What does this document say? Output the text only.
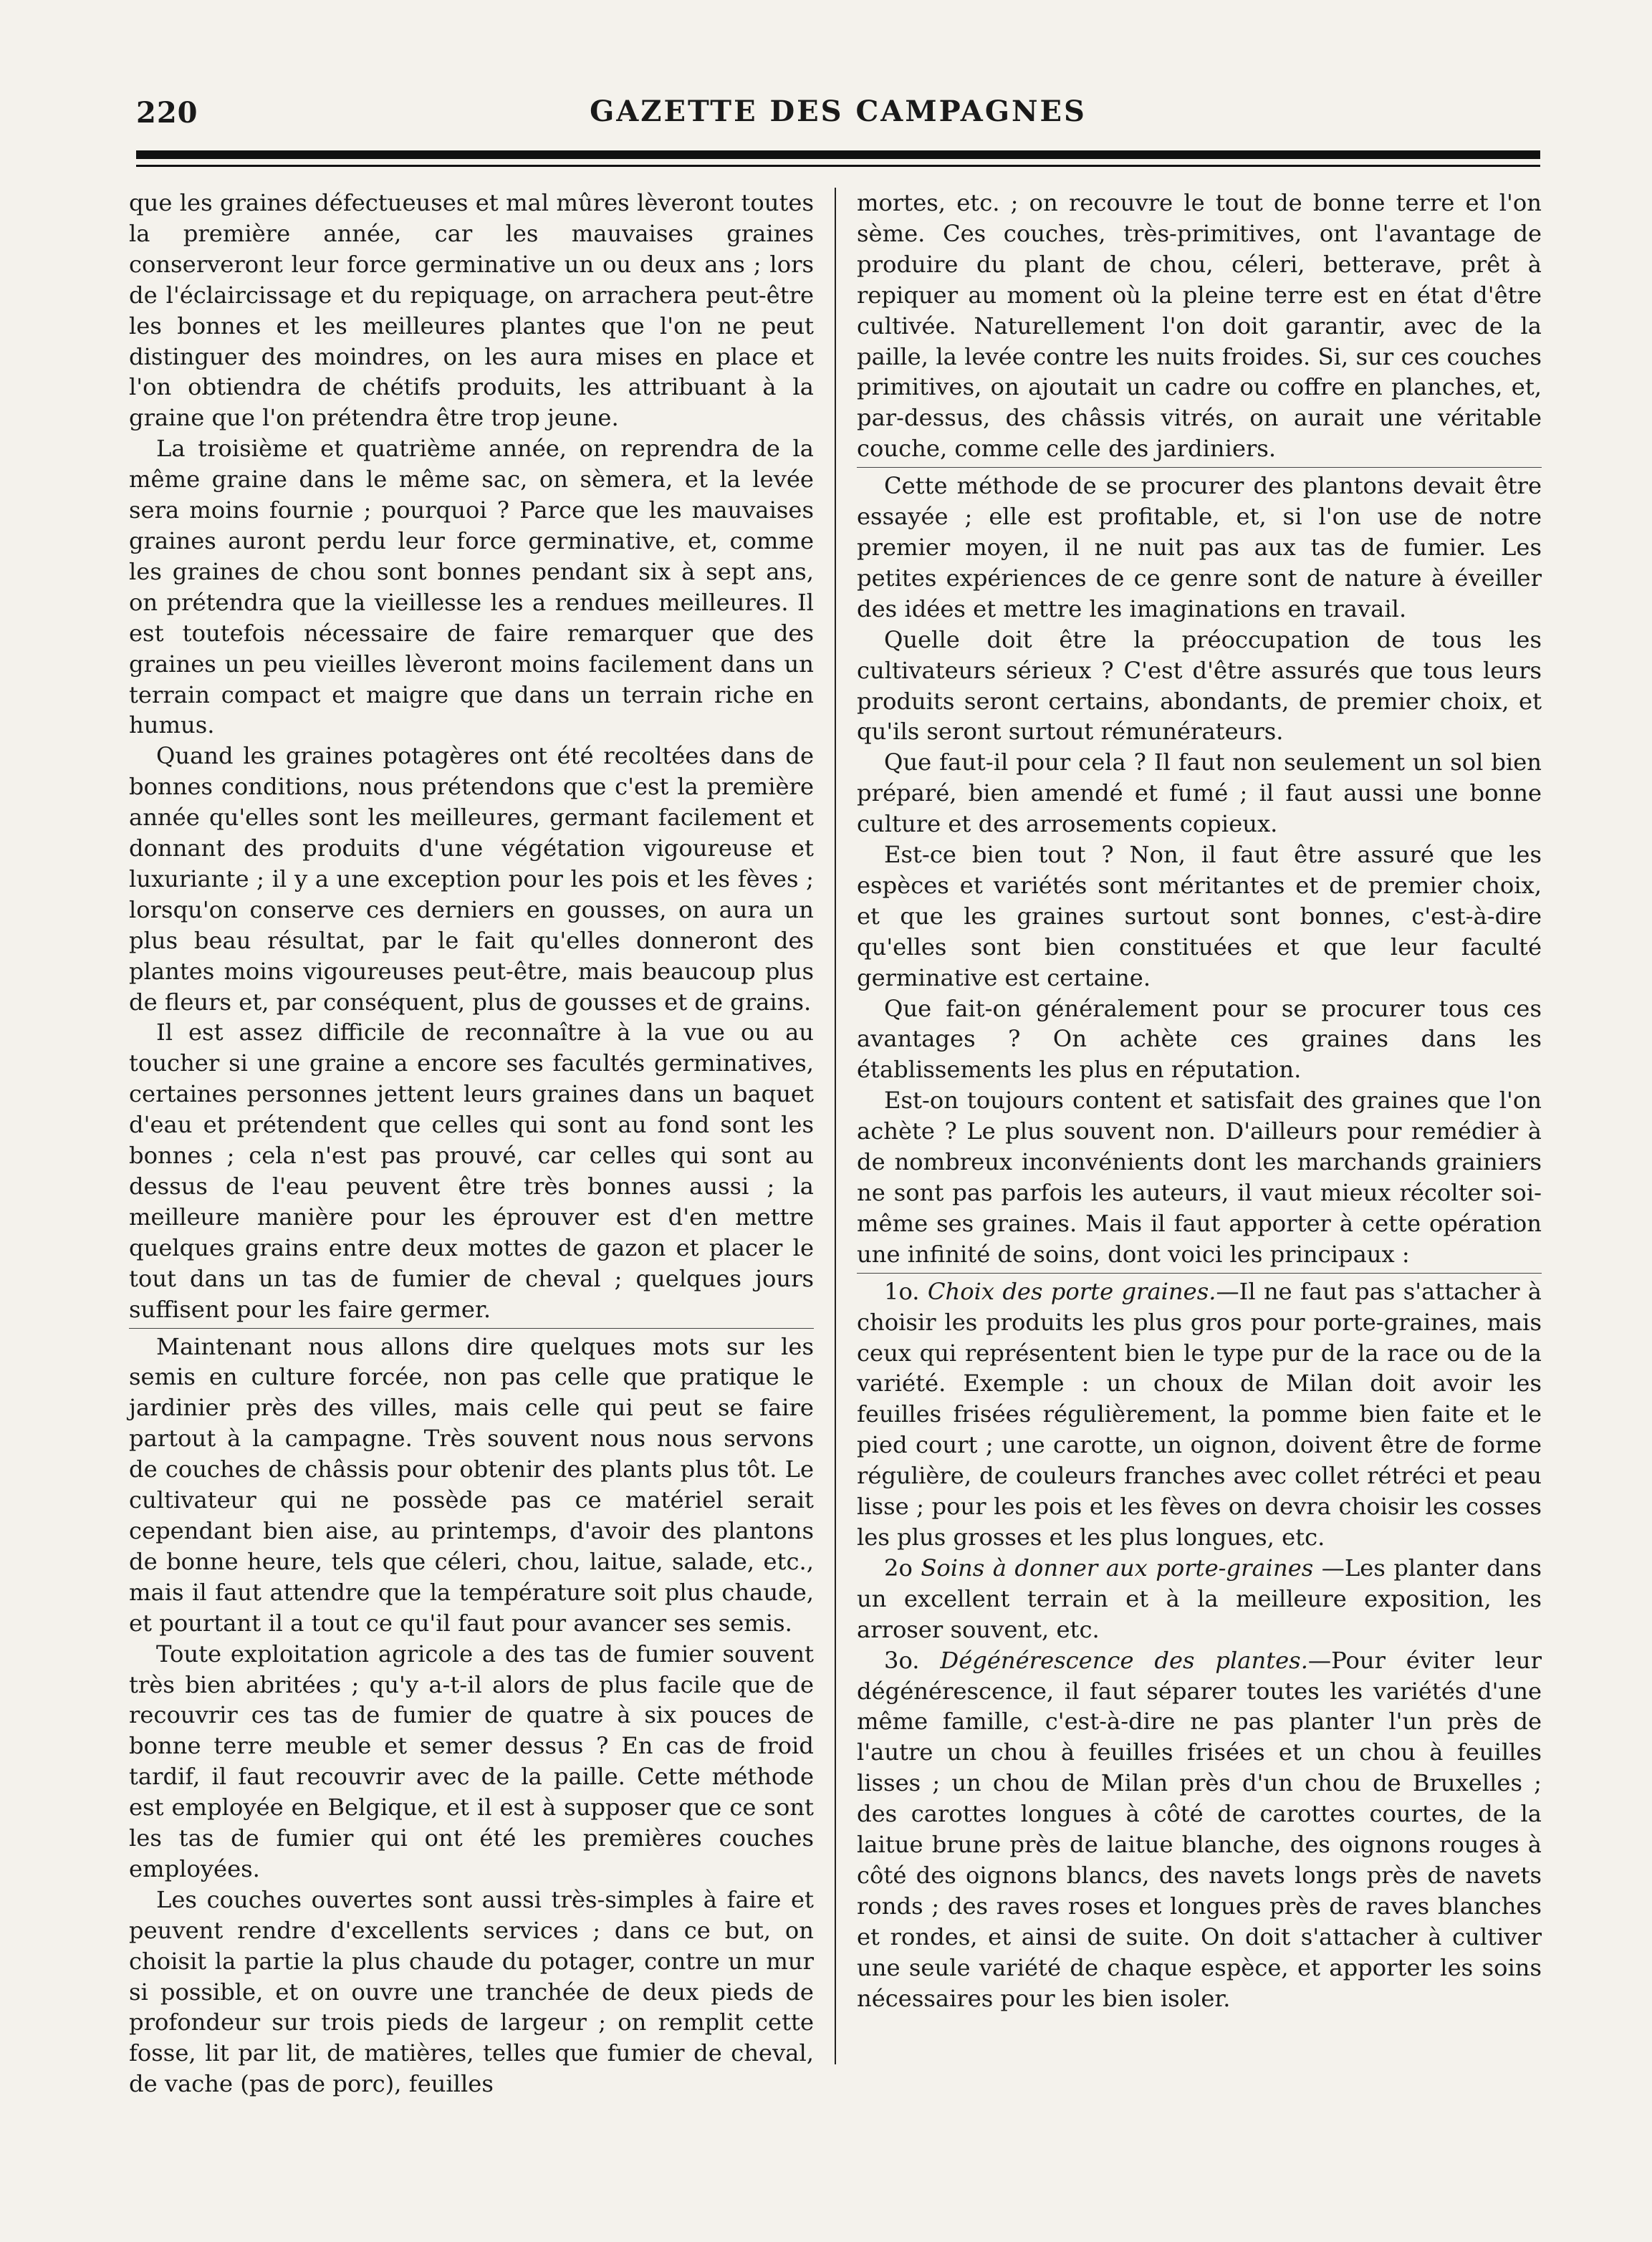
220	GAZETTE DES CAMPAGNES

que les graines défectueuses et mal mûres lèveront toutes la première année, car les mauvaises graines conserveront leur force germinative un ou deux ans ; lors de l'éclaircissage et du repiquage, on arrachera peut-être les bonnes et les meilleures plantes que l'on ne peut distinguer des moindres, on les aura mises en place et l'on obtiendra de chétifs produits, les attribuant à la graine que l'on prétendra être trop jeune.

La troisième et quatrième année, on reprendra de la même graine dans le même sac, on sèmera, et la levée sera moins fournie ; pourquoi ? Parce que les mauvaises graines auront perdu leur force germinative, et, comme les graines de chou sont bonnes pendant six à sept ans, on prétendra que la vieillesse les a rendues meilleures. Il est toutefois nécessaire de faire remarquer que des graines un peu vieilles lèveront moins facilement dans un terrain compact et maigre que dans un terrain riche en humus.

Quand les graines potagères ont été recoltées dans de bonnes conditions, nous prétendons que c'est la première année qu'elles sont les meilleures, germant facilement et donnant des produits d'une végétation vigoureuse et luxuriante ; il y a une exception pour les pois et les fèves ; lorsqu'on conserve ces derniers en gousses, on aura un plus beau résultat, par le fait qu'elles donneront des plantes moins vigoureuses peut-être, mais beaucoup plus de fleurs et, par conséquent, plus de gousses et de grains.

Il est assez difficile de reconnaître à la vue ou au toucher si une graine a encore ses facultés germinatives, certaines personnes jettent leurs graines dans un baquet d'eau et prétendent que celles qui sont au fond sont les bonnes ; cela n'est pas prouvé, car celles qui sont au dessus de l'eau peuvent être très bonnes aussi ; la meilleure manière pour les éprouver est d'en mettre quelques grains entre deux mottes de gazon et placer le tout dans un tas de fumier de cheval ; quelques jours suffisent pour les faire germer.

Maintenant nous allons dire quelques mots sur les semis en culture forcée, non pas celle que pratique le jardinier près des villes, mais celle qui peut se faire partout à la campagne. Très souvent nous nous servons de couches de châssis pour obtenir des plants plus tôt. Le cultivateur qui ne possède pas ce matériel serait cependant bien aise, au printemps, d'avoir des plantons de bonne heure, tels que céleri, chou, laitue, salade, etc., mais il faut attendre que la température soit plus chaude, et pourtant il a tout ce qu'il faut pour avancer ses semis.

Toute exploitation agricole a des tas de fumier souvent très bien abritées ; qu'y a-t-il alors de plus facile que de recouvrir ces tas de fumier de quatre à six pouces de bonne terre meuble et semer dessus ? En cas de froid tardif, il faut recouvrir avec de la paille. Cette méthode est employée en Belgique, et il est à supposer que ce sont les tas de fumier qui ont été les premières couches employées.

Les couches ouvertes sont aussi très-simples à faire et peuvent rendre d'excellents services ; dans ce but, on choisit la partie la plus chaude du potager, contre un mur si possible, et on ouvre une tranchée de deux pieds de profondeur sur trois pieds de largeur ; on remplit cette fosse, lit par lit, de matières, telles que fumier de cheval, de vache (pas de porc), feuilles

mortes, etc. ; on recouvre le tout de bonne terre et l'on sème. Ces couches, très-primitives, ont l'avantage de produire du plant de chou, céleri, betterave, prêt à repiquer au moment où la pleine terre est en état d'être cultivée. Naturellement l'on doit garantir, avec de la paille, la levée contre les nuits froides. Si, sur ces couches primitives, on ajoutait un cadre ou coffre en planches, et, par-dessus, des châssis vitrés, on aurait une véritable couche, comme celle des jardiniers.

Cette méthode de se procurer des plantons devait être essayée ; elle est profitable, et, si l'on use de notre premier moyen, il ne nuit pas aux tas de fumier. Les petites expériences de ce genre sont de nature à éveiller des idées et mettre les imaginations en travail.

Quelle doit être la préoccupation de tous les cultivateurs sérieux ? C'est d'être assurés que tous leurs produits seront certains, abondants, de premier choix, et qu'ils seront surtout rémunérateurs.

Que faut-il pour cela ? Il faut non seulement un sol bien préparé, bien amendé et fumé ; il faut aussi une bonne culture et des arrosements copieux.

Est-ce bien tout ? Non, il faut être assuré que les espèces et variétés sont méritantes et de premier choix, et que les graines surtout sont bonnes, c'est-à-dire qu'elles sont bien constituées et que leur faculté germinative est certaine.

Que fait-on généralement pour se procurer tous ces avantages ? On achète ces graines dans les établissements les plus en réputation.

Est-on toujours content et satisfait des graines que l'on achète ? Le plus souvent non. D'ailleurs pour remédier à de nombreux inconvénients dont les marchands grainiers ne sont pas parfois les auteurs, il vaut mieux récolter soi-même ses graines. Mais il faut apporter à cette opération une infinité de soins, dont voici les principaux :

1o. Choix des porte graines.—Il ne faut pas s'attacher à choisir les produits les plus gros pour porte-graines, mais ceux qui représentent bien le type pur de la race ou de la variété. Exemple : un choux de Milan doit avoir les feuilles frisées régulièrement, la pomme bien faite et le pied court ; une carotte, un oignon, doivent être de forme régulière, de couleurs franches avec collet rétréci et peau lisse ; pour les pois et les fèves on devra choisir les cosses les plus grosses et les plus longues, etc.

2o Soins à donner aux porte-graines —Les planter dans un excellent terrain et à la meilleure exposition, les arroser souvent, etc.

3o. Dégénérescence des plantes.—Pour éviter leur dégénérescence, il faut séparer toutes les variétés d'une même famille, c'est-à-dire ne pas planter l'un près de l'autre un chou à feuilles frisées et un chou à feuilles lisses ; un chou de Milan près d'un chou de Bruxelles ; des carottes longues à côté de carottes courtes, de la laitue brune près de laitue blanche, des oignons rouges à côté des oignons blancs, des navets longs près de navets ronds ; des raves roses et longues près de raves blanches et rondes, et ainsi de suite. On doit s'attacher à cultiver une seule variété de chaque espèce, et apporter les soins nécessaires pour les bien isoler.
